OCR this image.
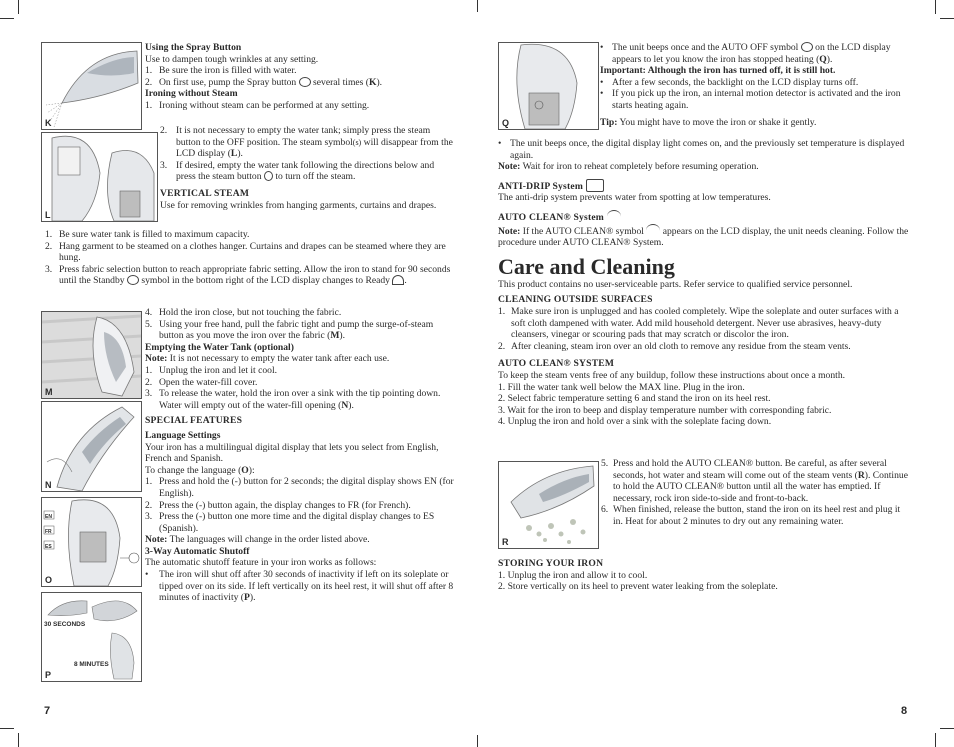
K
L
M
N
EN
FR
ES
O
30 SECONDS
8 MINUTES
P

Using the Spray Button

Use to dampen tough wrinkles at any setting.

1. Be sure the iron is filled with water.

2. On first use, pump the Spray button several times (K).

Ironing without Steam

1. Ironing without steam can be performed at any setting.

2. It is not necessary to empty the water tank; simply press the steam button to the OFF position. The steam symbol(s) will disappear from the LCD display (L).

3. If desired, empty the water tank following the directions below and press the steam button to turn off the steam.

VERTICAL STEAM

Use for removing wrinkles from hanging garments, curtains and drapes.

1. Be sure water tank is filled to maximum capacity.

2. Hang garment to be steamed on a clothes hanger. Curtains and drapes can be steamed where they are hung.

3. Press fabric selection button to reach appropriate fabric setting. Allow the iron to stand for 90 seconds until the Standby symbol in the bottom right of the LCD display changes to Ready .

4. Hold the iron close, but not touching the fabric.

5. Using your free hand, pull the fabric tight and pump the surge-of-steam button as you move the iron over the fabric (M).

Emptying the Water Tank (optional)

Note: It is not necessary to empty the water tank after each use.

1. Unplug the iron and let it cool.

2. Open the water-fill cover.

3. To release the water, hold the iron over a sink with the tip pointing down. Water will empty out of the water-fill opening (N).

SPECIAL FEATURES

Language Settings

Your iron has a multilingual digital display that lets you select from English, French and Spanish.

To change the language (O):

1. Press and hold the (-) button for 2 seconds; the digital display shows EN (for English).

2. Press the (-) button again, the display changes to FR (for French).

3. Press the (-) button one more time and the digital display changes to ES (Spanish).

Note: The languages will change in the order listed above.

3-Way Automatic Shutoff

The automatic shutoff feature in your iron works as follows:

• The iron will shut off after 30 seconds of inactivity if left on its soleplate or tipped over on its side. If left vertically on its heel rest, it will shut off after 8 minutes of inactivity (P).

7
Q

• The unit beeps once and the AUTO OFF symbol on the LCD display appears to let you know the iron has stopped heating (Q).

Important: Although the iron has turned off, it is still hot.

• After a few seconds, the backlight on the LCD display turns off.

• If you pick up the iron, an internal motion detector is activated and the iron starts heating again.

Tip: You might have to move the iron or shake it gently.

• The unit beeps once, the digital display light comes on, and the previously set temperature is displayed again.

Note: Wait for iron to reheat completely before resuming operation.

ANTI-DRIP System

The anti-drip system prevents water from spotting at low temperatures.

AUTO CLEAN® System

Note: If the AUTO CLEAN® symbol appears on the LCD display, the unit needs cleaning. Follow the procedure under AUTO CLEAN® System.

Care and Cleaning

This product contains no user-serviceable parts. Refer service to qualified service personnel.

CLEANING OUTSIDE SURFACES

1. Make sure iron is unplugged and has cooled completely. Wipe the soleplate and outer surfaces with a soft cloth dampened with water. Add mild household detergent. Never use abrasives, heavy-duty cleansers, vinegar or scouring pads that may scratch or discolor the iron.

2. After cleaning, steam iron over an old cloth to remove any residue from the steam vents.

AUTO CLEAN® SYSTEM

To keep the steam vents free of any buildup, follow these instructions about once a month.

1. Fill the water tank well below the MAX line. Plug in the iron.

2. Select fabric temperature setting 6 and stand the iron on its heel rest.

3. Wait for the iron to beep and display temperature number with corresponding fabric.

4. Unplug the iron and hold over a sink with the soleplate facing down.

R

5. Press and hold the AUTO CLEAN® button. Be careful, as after several seconds, hot water and steam will come out of the steam vents (R). Continue to hold the AUTO CLEAN® button until all the water has emptied. If necessary, rock iron side-to-side and front-to-back.

6. When finished, release the button, stand the iron on its heel rest and plug it in. Heat for about 2 minutes to dry out any remaining water.

STORING YOUR IRON

1. Unplug the iron and allow it to cool.

2. Store vertically on its heel to prevent water leaking from the soleplate.

8
